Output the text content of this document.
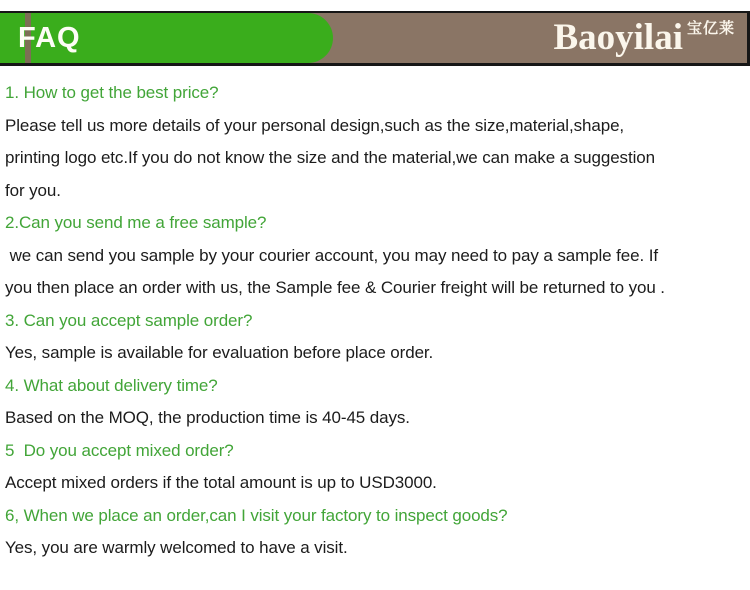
FAQ	Baoyilai 宝亿莱
1. How to get the best price?
Please tell us more details of your personal design,such as the size,material,shape,
printing logo etc.If you do not know the size and the material,we can make a suggestion
for you.
2.Can you send me a free sample?
we can send you sample by your courier account, you may need to pay a sample fee. If
you then place an order with us, the Sample fee & Courier freight will be returned to you .
3. Can you accept sample order?
Yes, sample is available for evaluation before place order.
4. What about delivery time?
Based on the MOQ, the production time is 40-45 days.
5  Do you accept mixed order?
Accept mixed orders if the total amount is up to USD3000.
6, When we place an order,can I visit your factory to inspect goods?
Yes, you are warmly welcomed to have a visit.
